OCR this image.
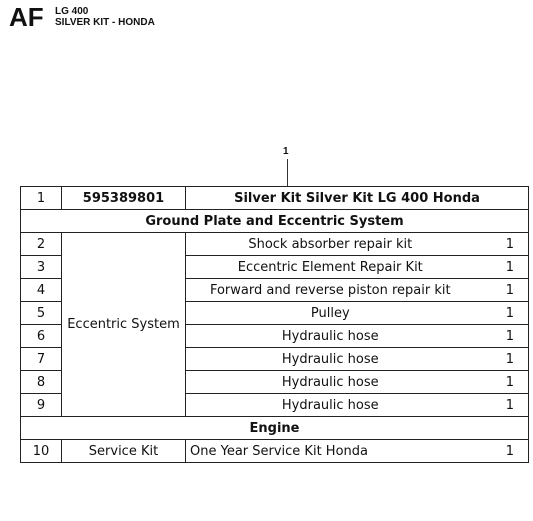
AF LG 400
SILVER KIT - HONDA
1
1	595389801	Silver Kit Silver Kit LG 400 Honda
Ground Plate and Eccentric System		
2	Eccentric System	Shock absorber repair kit 1

3		Eccentric Element Repair Kit 1

4		Forward and reverse piston repair kit 1

5		Pulley 1

6		Hydraulic hose 1

7		Hydraulic hose 1

8		Hydraulic hose 1

9		Hydraulic hose 1

Engine		
10	Service Kit	One Year Service Kit Honda 1
